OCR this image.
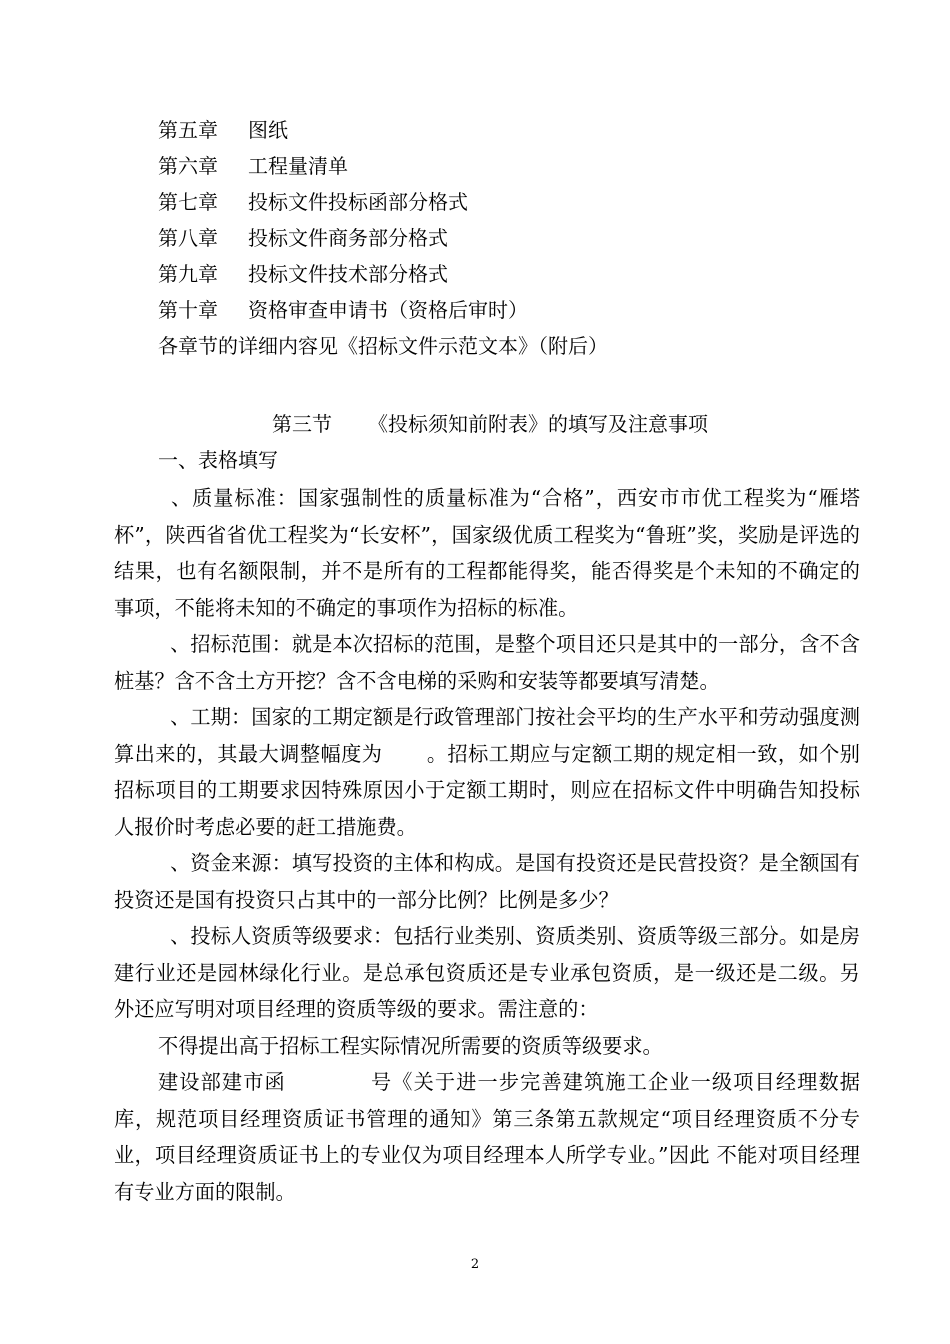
第五章 图纸
第六章 工程量清单
第七章 投标文件投标函部分格式
第八章 投标文件商务部分格式
第九章 投标文件技术部分格式
第十章 资格审查申请书（资格后审时）
各章节的详细内容见《招标文件示范文本》（附后）
第三节 《投标须知前附表》的填写及注意事项
一、表格填写

、质量标准：国家强制性的质量标准为“合格”，西安市市优工程奖为“雁塔杯”，陕西省省优工程奖为“长安杯”，国家级优质工程奖为“鲁班”奖，奖励是评选的结果，也有名额限制，并不是所有的工程都能得奖，能否得奖是个未知的不确定的事项，不能将未知的不确定的事项作为招标的标准。

、招标范围：就是本次招标的范围，是整个项目还只是其中的一部分，含不含桩基？含不含土方开挖？含不含电梯的采购和安装等都要填写清楚。

、工期：国家的工期定额是行政管理部门按社会平均的生产水平和劳动强度测算出来的，其最大调整幅度为 。招标工期应与定额工期的规定相一致，如个别招标项目的工期要求因特殊原因小于定额工期时，则应在招标文件中明确告知投标人报价时考虑必要的赶工措施费。

、资金来源：填写投资的主体和构成。是国有投资还是民营投资？是全额国有投资还是国有投资只占其中的一部分比例？比例是多少？

、投标人资质等级要求：包括行业类别、资质类别、资质等级三部分。如是房建行业还是园林绿化行业。是总承包资质还是专业承包资质，是一级还是二级。另外还应写明对项目经理的资质等级的要求。需注意的：

不得提出高于招标工程实际情况所需要的资质等级要求。

建设部建市函	号《关于进一步完善建筑施工企业一级项目经理数据库，规范项目经理资质证书管理的通知》第三条第五款规定“项目经理资质不分专业，项目经理资质证书上的专业仅为项目经理本人所学专业。”因此 不能对项目经理有专业方面的限制。

2
